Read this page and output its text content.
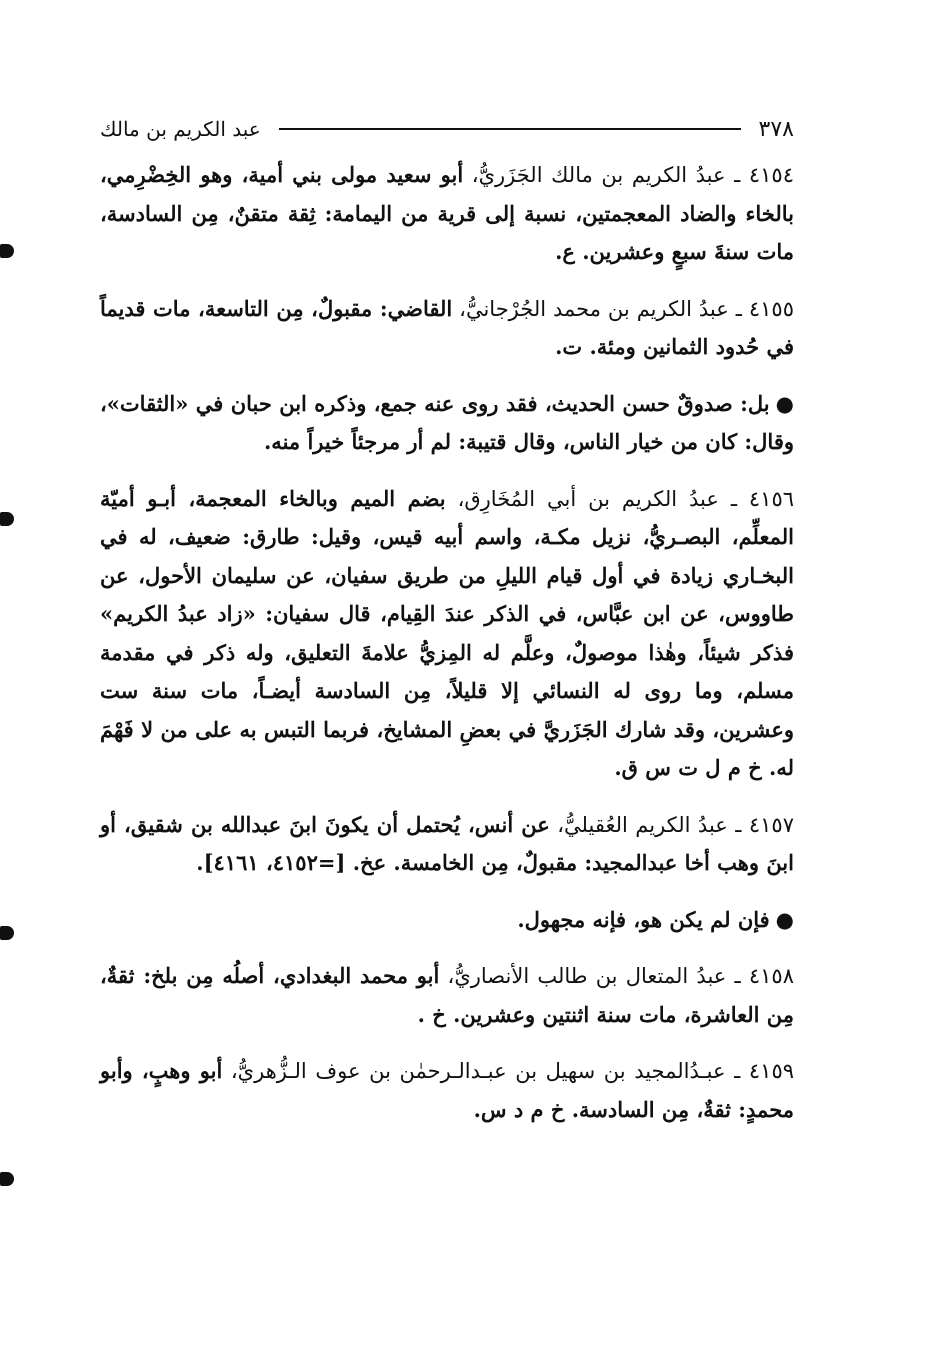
٣٧٨
عبد الكريم بن مالك

٤١٥٤ ـ عبدُ الكريم بن مالك الجَزَريُّ، أبو سعيد مولى بني أمية، وهو الخِضْرِمي، بالخاء والضاد المعجمتين، نسبة إلى قرية من اليمامة: ثِقة متقنٌ، مِن السادسة، مات سنةَ سبعٍ وعشرين. ع.

٤١٥٥ ـ عبدُ الكريم بن محمد الجُرْجانيُّ، القاضي: مقبولٌ، مِن التاسعة، مات قديماً في حُدود الثمانين ومئة. ت.

●بل: صدوقٌ حسن الحديث، فقد روى عنه جمع، وذكره ابن حبان في «الثقات»، وقال: كان من خيار الناس، وقال قتيبة: لم أر مرجئاً خيراً منه.

٤١٥٦ ـ عبدُ الكريم بن أبي المُخَارِق، بضم الميم وبالخاء المعجمة، أبـو أميّة المعلِّم، البصـريُّ، نزيل مكـة، واسم أبيه قيس، وقيل: طارق: ضعيف، له في البخـاري زيادة في أول قيام الليلِ من طريق سفيان، عن سليمان الأحول، عن طاووس، عن ابن عبَّاس، في الذكر عندَ القِيام، قال سفيان: «زاد عبدُ الكريم» فذكر شيئاً، وهٰذا موصولٌ، وعلَّم له المِزيُّ علامةَ التعليق، وله ذكر في مقدمة مسلم، وما روى له النسائي إلا قليلاً، مِن السادسة أيضـاً، مات سنة ست وعشرين، وقد شارك الجَزَريَّ في بعضِ المشايخ، فربما التبس به على من لا فَهْمَ له. خ م ل ت س ق.

٤١٥٧ ـ عبدُ الكريم العُقيليُّ، عن أنس، يُحتمل أن يكونَ ابنَ عبدالله بن شقيق، أو ابنَ وهب أخا عبدالمجيد: مقبولٌ، مِن الخامسة. عخ. [=٤١٥٢، ٤١٦١].

●فإن لم يكن هو، فإنه مجهول.

٤١٥٨ ـ عبدُ المتعال بن طالب الأنصاريُّ، أبو محمد البغدادي، أصلُه مِن بلخ: ثقةٌ، مِن العاشرة، مات سنة اثنتين وعشرين. خ .

٤١٥٩ ـ عبـدُالمجيد بن سهيل بن عبـدالـرحمٰن بن عوف الـزُّهريُّ، أبو وهبٍ، وأبو محمدٍ: ثقةٌ، مِن السادسة. خ م د س.
